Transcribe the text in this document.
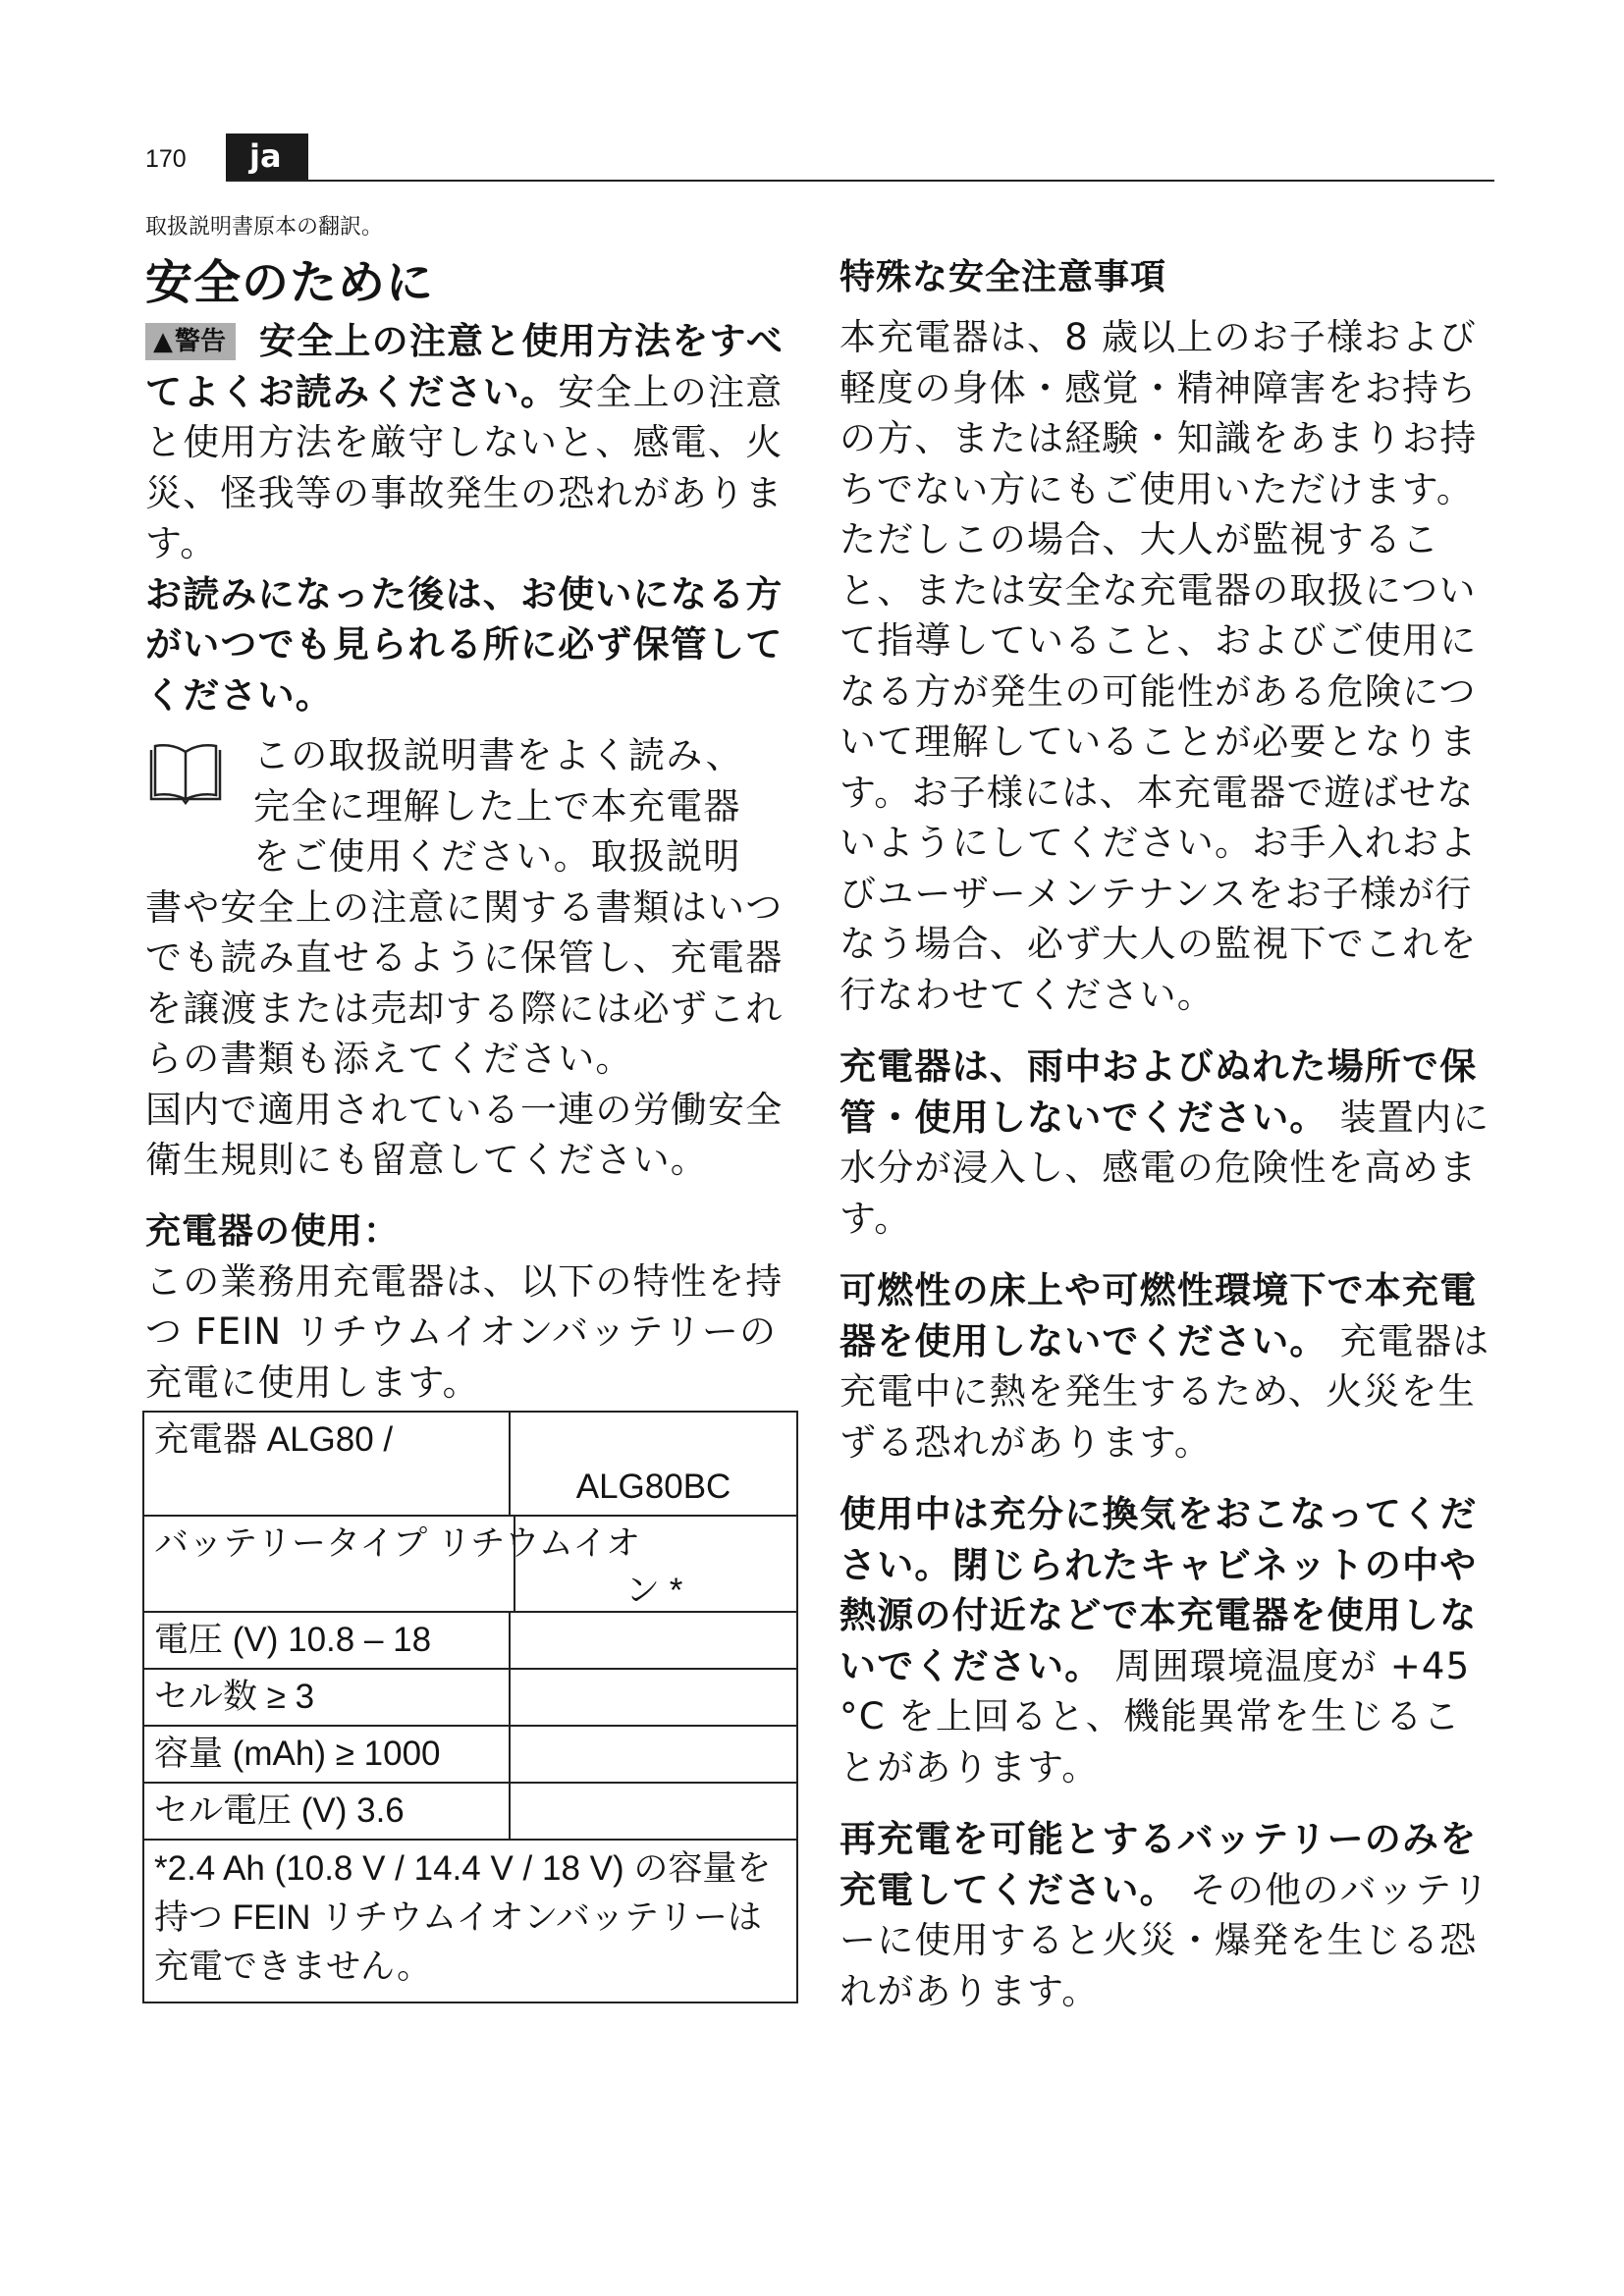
170 ja
取扱説明書原本の翻訳。
安全のために

▲警告 安全上の注意と使用方法をすべてよくお読みください。安全上の注意と使用方法を厳守しないと、感電、火災、怪我等の事故発生の恐れがあります。

お読みになった後は、お使いになる方がいつでも見られる所に必ず保管してください。

この取扱説明書をよく読み、

完全に理解した上で本充電器

をご使用ください。取扱説明

書や安全上の注意に関する書類はいつでも読み直せるように保管し、充電器を譲渡または売却する際には必ずこれらの書類も添えてください。

国内で適用されている一連の労働安全衛生規則にも留意してください。

充電器の使用：

この業務用充電器は、以下の特性を持つ FEIN リチウムイオンバッテリーの充電に使用します。

充電器 ALG80 /	ALG80BC

バッテリータイプ リチウムイオ
ン *	

電圧 (V) 10.8 – 18	
セル数 ≥ 3	
容量 (mAh) ≥ 1000	
セル電圧 (V) 3.6	
*2.4 Ah (10.8 V / 14.4 V / 18 V) の容量を持つ FEIN リチウムイオンバッテリーは充電できません。	

特殊な安全注意事項

本充電器は、8 歳以上のお子様および軽度の身体・感覚・精神障害をお持ちの方、または経験・知識をあまりお持ちでない方にもご使用いただけます。ただしこの場合、大人が監視すること、または安全な充電器の取扱について指導していること、およびご使用になる方が発生の可能性がある危険について理解していることが必要となります。お子様には、本充電器で遊ばせないようにしてください。お手入れおよびユーザーメンテナンスをお子様が行なう場合、必ず大人の監視下でこれを行なわせてください。

充電器は、雨中およびぬれた場所で保管・使用しないでください。 装置内に水分が浸入し、感電の危険性を高めます。

可燃性の床上や可燃性環境下で本充電器を使用しないでください。 充電器は充電中に熱を発生するため、火災を生ずる恐れがあります。

使用中は充分に換気をおこなってください。閉じられたキャビネットの中や熱源の付近などで本充電器を使用しないでください。 周囲環境温度が +45 °C を上回ると、機能異常を生じることがあります。

再充電を可能とするバッテリーのみを充電してください。 その他のバッテリーに使用すると火災・爆発を生じる恐れがあります。
